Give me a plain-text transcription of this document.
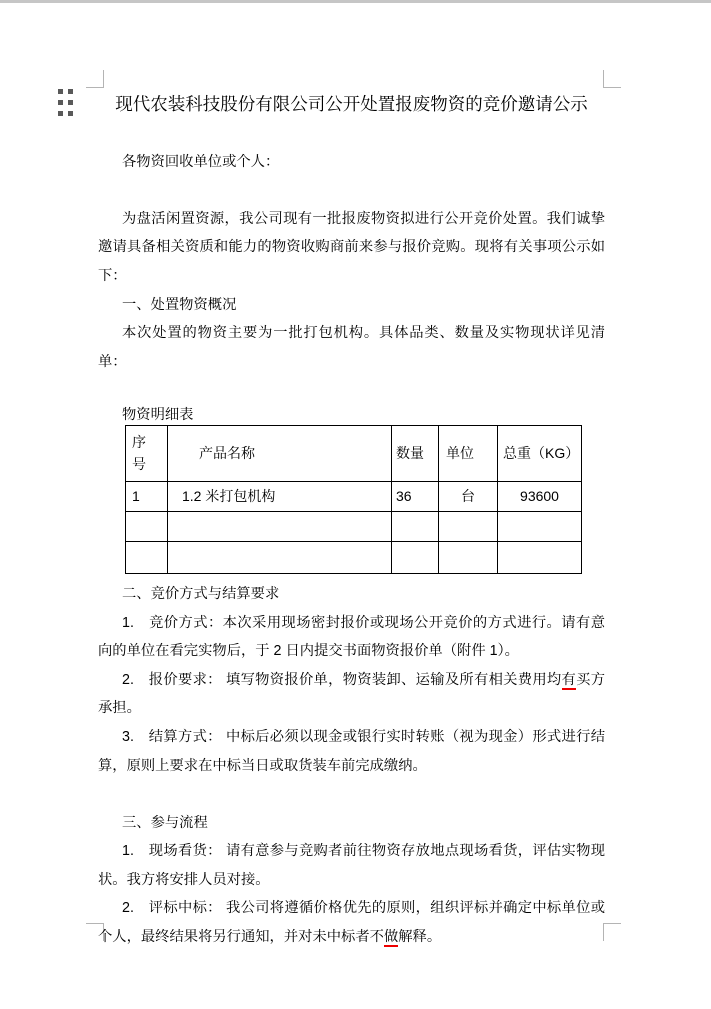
现代农装科技股份有限公司公开处置报废物资的竞价邀请公示

各物资回收单位或个人：

为盘活闲置资源，我公司现有一批报废物资拟进行公开竞价处置。我们诚挚邀请具备相关资质和能力的物资收购商前来参与报价竞购。现将有关事项公示如下：

一、处置物资概况

本次处置的物资主要为一批打包机构。具体品类、数量及实物现状详见清单：

物资明细表

序号	产品名称	数量	单位	总重（KG）
1	1.2 米打包机构	36	台	93600

二、竞价方式与结算要求

1.　竞价方式：本次采用现场密封报价或现场公开竞价的方式进行。请有意向的单位在看完实物后，于 2 日内提交书面物资报价单（附件 1）。

2.　报价要求： 填写物资报价单，物资装卸、运输及所有相关费用均有买方承担。

3.　结算方式： 中标后必须以现金或银行实时转账（视为现金）形式进行结算，原则上要求在中标当日或取货装车前完成缴纳。

三、参与流程

1.　现场看货： 请有意参与竞购者前往物资存放地点现场看货，评估实物现状。我方将安排人员对接。

2.　评标中标： 我公司将遵循价格优先的原则，组织评标并确定中标单位或个人，最终结果将另行通知，并对未中标者不做解释。
